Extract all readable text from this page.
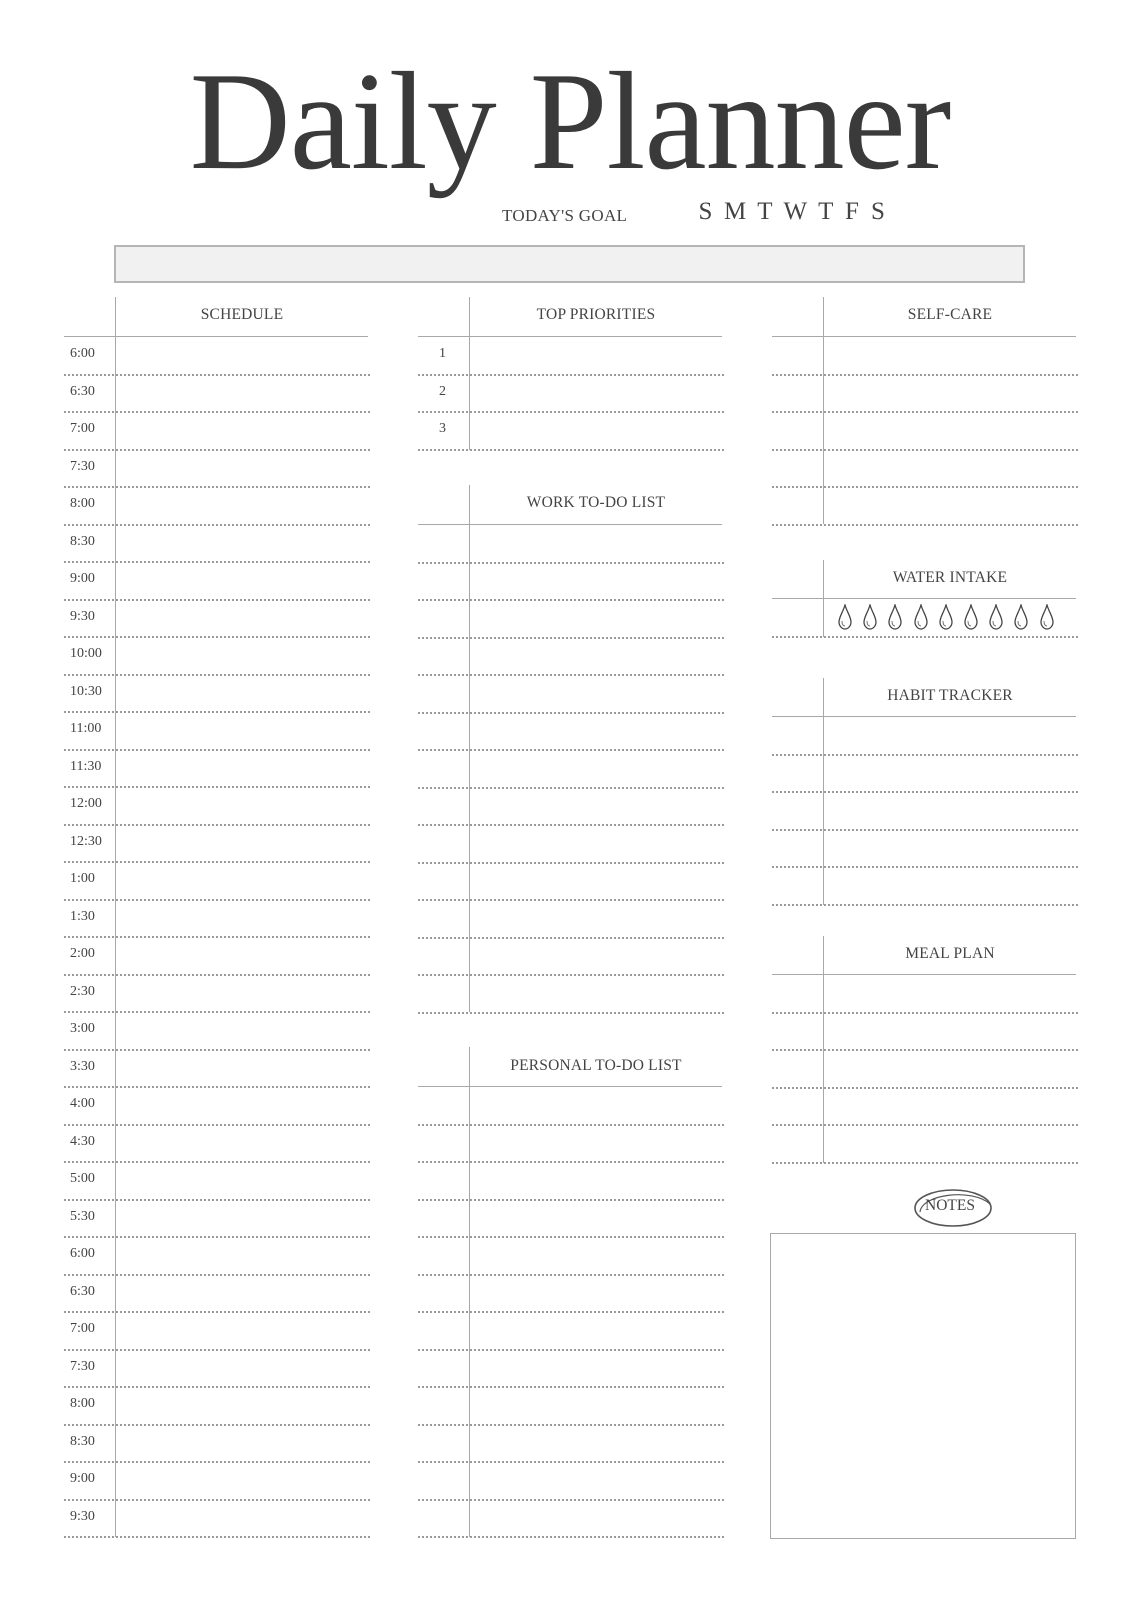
Daily Planner
TODAY'S GOAL	S M T W T F S
SCHEDULE
6:00
6:30
7:00
7:30
8:00
8:30
9:00
9:30
10:00
10:30
11:00
11:30
12:00
12:30
1:00
1:30
2:00
2:30
3:00
3:30
4:00
4:30
5:00
5:30
6:00
6:30
7:00
7:30
8:00
8:30
9:00
9:30
TOP PRIORITIES
1
2
3
WORK TO-DO LIST
PERSONAL TO-DO LIST
SELF-CARE
WATER INTAKE
HABIT TRACKER
MEAL PLAN
NOTES
